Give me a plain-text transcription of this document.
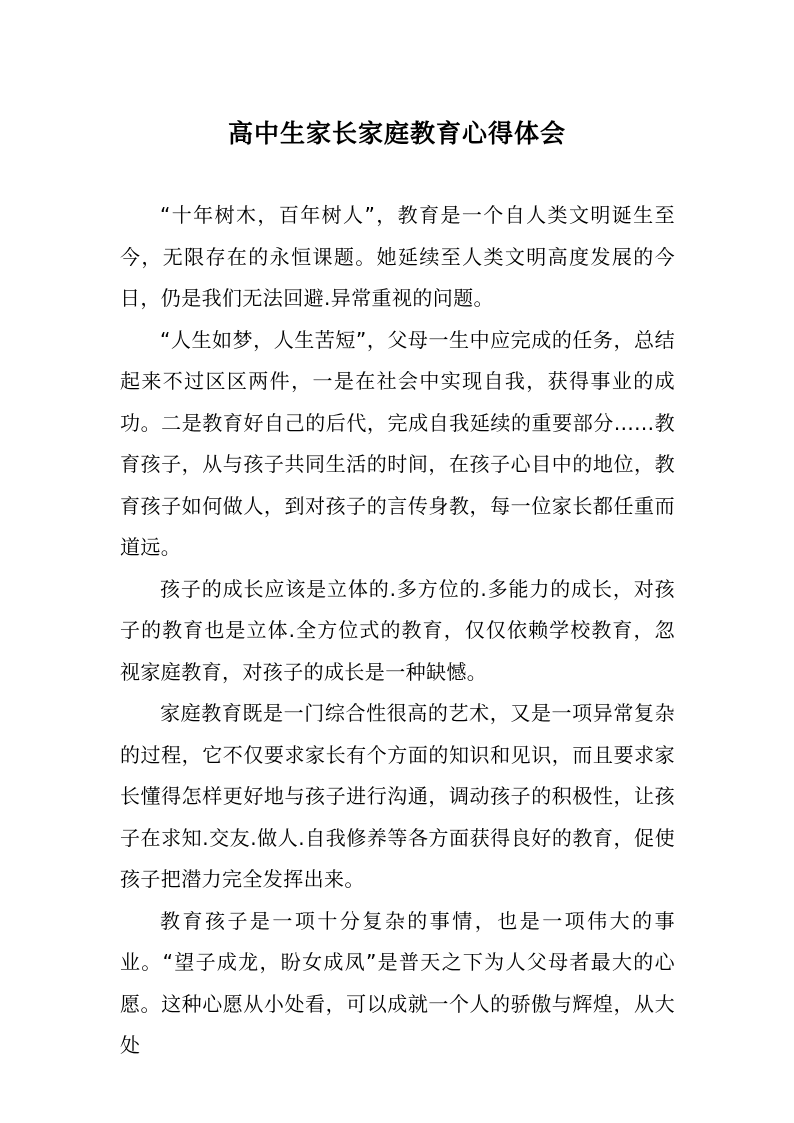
高中生家长家庭教育心得体会

“十年树木，百年树人”，教育是一个自人类文明诞生至今，无限存在的永恒课题。她延续至人类文明高度发展的今日，仍是我们无法回避.异常重视的问题。

“人生如梦，人生苦短”，父母一生中应完成的任务，总结起来不过区区两件，一是在社会中实现自我，获得事业的成功。二是教育好自己的后代，完成自我延续的重要部分......教育孩子，从与孩子共同生活的时间，在孩子心目中的地位，教育孩子如何做人，到对孩子的言传身教，每一位家长都任重而道远。

孩子的成长应该是立体的.多方位的.多能力的成长，对孩子的教育也是立体.全方位式的教育，仅仅依赖学校教育，忽视家庭教育，对孩子的成长是一种缺憾。

家庭教育既是一门综合性很高的艺术，又是一项异常复杂的过程，它不仅要求家长有个方面的知识和见识，而且要求家长懂得怎样更好地与孩子进行沟通，调动孩子的积极性，让孩子在求知.交友.做人.自我修养等各方面获得良好的教育，促使孩子把潜力完全发挥出来。

教育孩子是一项十分复杂的事情，也是一项伟大的事业。“望子成龙，盼女成凤”是普天之下为人父母者最大的心愿。这种心愿从小处看，可以成就一个人的骄傲与辉煌，从大处
